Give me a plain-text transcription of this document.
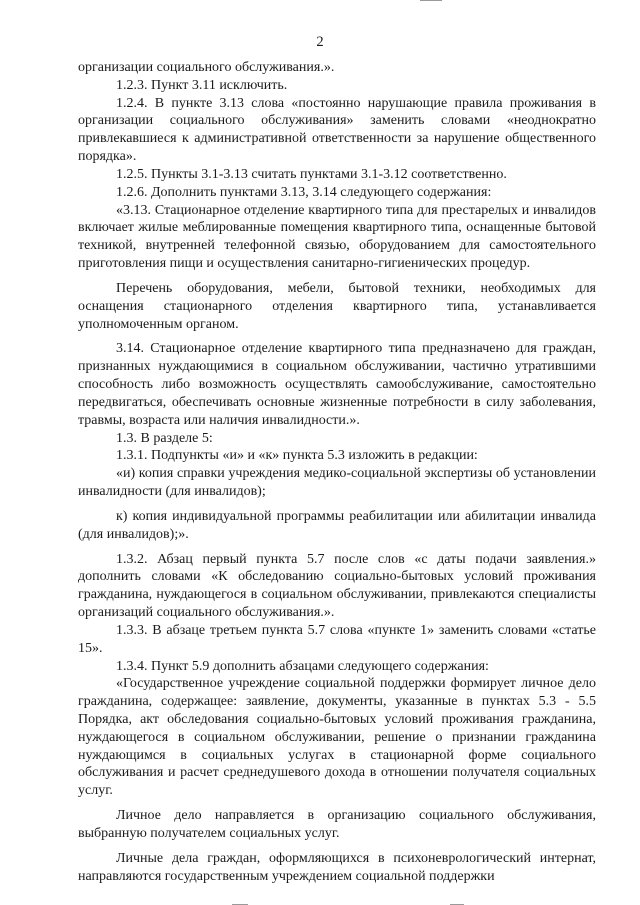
2

организации социального обслуживания.».

1.2.3. Пункт 3.11 исключить.

1.2.4. В пункте 3.13 слова «постоянно нарушающие правила проживания в организации социального обслуживания» заменить словами «неоднократно привлекавшиеся к административной ответственности за нарушение общественного порядка».

1.2.5. Пункты 3.1-3.13 считать пунктами 3.1-3.12 соответственно.

1.2.6. Дополнить пунктами 3.13, 3.14 следующего содержания:

«3.13. Стационарное отделение квартирного типа для престарелых и инвалидов включает жилые меблированные помещения квартирного типа, оснащенные бытовой техникой, внутренней телефонной связью, оборудованием для самостоятельного приготовления пищи и осуществления санитарно-гигиенических процедур.

Перечень оборудования, мебели, бытовой техники, необходимых для оснащения стационарного отделения квартирного типа, устанавливается уполномоченным органом.

3.14. Стационарное отделение квартирного типа предназначено для граждан, признанных нуждающимися в социальном обслуживании, частично утратившими способность либо возможность осуществлять самообслуживание, самостоятельно передвигаться, обеспечивать основные жизненные потребности в силу заболевания, травмы, возраста или наличия инвалидности.».

1.3. В разделе 5:

1.3.1. Подпункты «и» и «к» пункта 5.3 изложить в редакции:

«и) копия справки учреждения медико-социальной экспертизы об установлении инвалидности (для инвалидов);

к) копия индивидуальной программы реабилитации или абилитации инвалида (для инвалидов);».

1.3.2. Абзац первый пункта 5.7 после слов «с даты подачи заявления.» дополнить словами «К обследованию социально-бытовых условий проживания гражданина, нуждающегося в социальном обслуживании, привлекаются специалисты организаций социального обслуживания.».

1.3.3. В абзаце третьем пункта 5.7 слова «пункте 1» заменить словами «статье 15».

1.3.4. Пункт 5.9 дополнить абзацами следующего содержания:

«Государственное учреждение социальной поддержки формирует личное дело гражданина, содержащее: заявление, документы, указанные в пунктах 5.3 - 5.5 Порядка, акт обследования социально-бытовых условий проживания гражданина, нуждающегося в социальном обслуживании, решение о признании гражданина нуждающимся в социальных услугах в стационарной форме социального обслуживания и расчет среднедушевого дохода в отношении получателя социальных услуг.

Личное дело направляется в организацию социального обслуживания, выбранную получателем социальных услуг.

Личные дела граждан, оформляющихся в психоневрологический интернат, направляются государственным учреждением социальной поддержки
